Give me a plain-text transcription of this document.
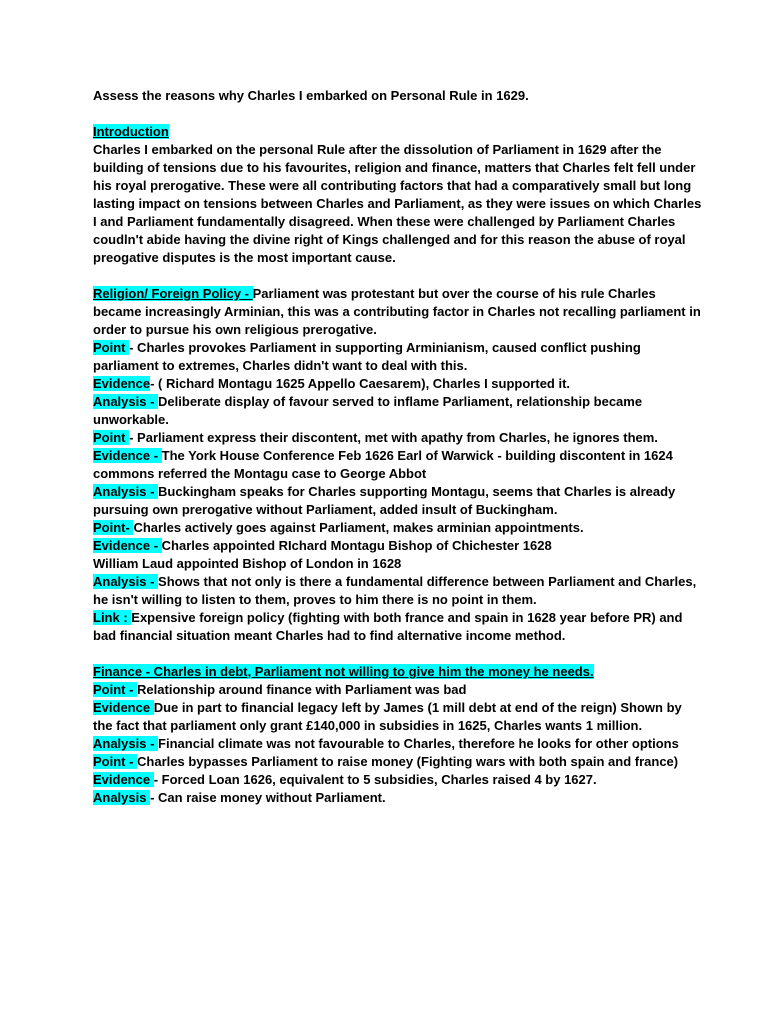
Assess the reasons why Charles I embarked on Personal Rule in 1629.

Introduction

Charles I embarked on the personal Rule after the dissolution of Parliament in 1629 after the building of tensions due to his favourites, religion and finance, matters that Charles felt fell under his royal prerogative. These were all contributing factors that had a comparatively small but long lasting impact on tensions between Charles and Parliament, as they were issues on which Charles I and Parliament fundamentally disagreed. When these were challenged by Parliament Charles coudln't abide having the divine right of Kings challenged and for this reason the abuse of royal preogative disputes is the most important cause.

Religion/ Foreign Policy - Parliament was protestant but over the course of his rule Charles became increasingly Arminian, this was a contributing factor in Charles not recalling parliament in order to pursue his own religious prerogative.

Point - Charles provokes Parliament in supporting Arminianism, caused conflict pushing parliament to extremes, Charles didn't want to deal with this.

Evidence- ( Richard Montagu 1625 Appello Caesarem), Charles I supported it.

Analysis - Deliberate display of favour served to inflame Parliament, relationship became unworkable.

Point - Parliament express their discontent, met with apathy from Charles, he ignores them.

Evidence - The York House Conference Feb 1626 Earl of Warwick - building discontent in 1624 commons referred the Montagu case to George Abbot

Analysis - Buckingham speaks for Charles supporting Montagu, seems that Charles is already pursuing own prerogative without Parliament, added insult of Buckingham.

Point- Charles actively goes against Parliament, makes arminian appointments.

Evidence - Charles appointed RIchard Montagu Bishop of Chichester 1628

William Laud appointed Bishop of London in 1628

Analysis - Shows that not only is there a fundamental difference between Parliament and Charles, he isn't willing to listen to them, proves to him there is no point in them.

Link : Expensive foreign policy (fighting with both france and spain in 1628 year before PR) and bad financial situation meant Charles had to find alternative income method.

Finance - Charles in debt, Parliament not willing to give him the money he needs.

Point - Relationship around finance with Parliament was bad

Evidence Due in part to financial legacy left by James (1 mill debt at end of the reign) Shown by the fact that parliament only grant £140,000 in subsidies in 1625, Charles wants 1 million.

Analysis - Financial climate was not favourable to Charles, therefore he looks for other options

Point - Charles bypasses Parliament to raise money (Fighting wars with both spain and france)

Evidence - Forced Loan 1626, equivalent to 5 subsidies, Charles raised 4 by 1627.

Analysis - Can raise money without Parliament.
